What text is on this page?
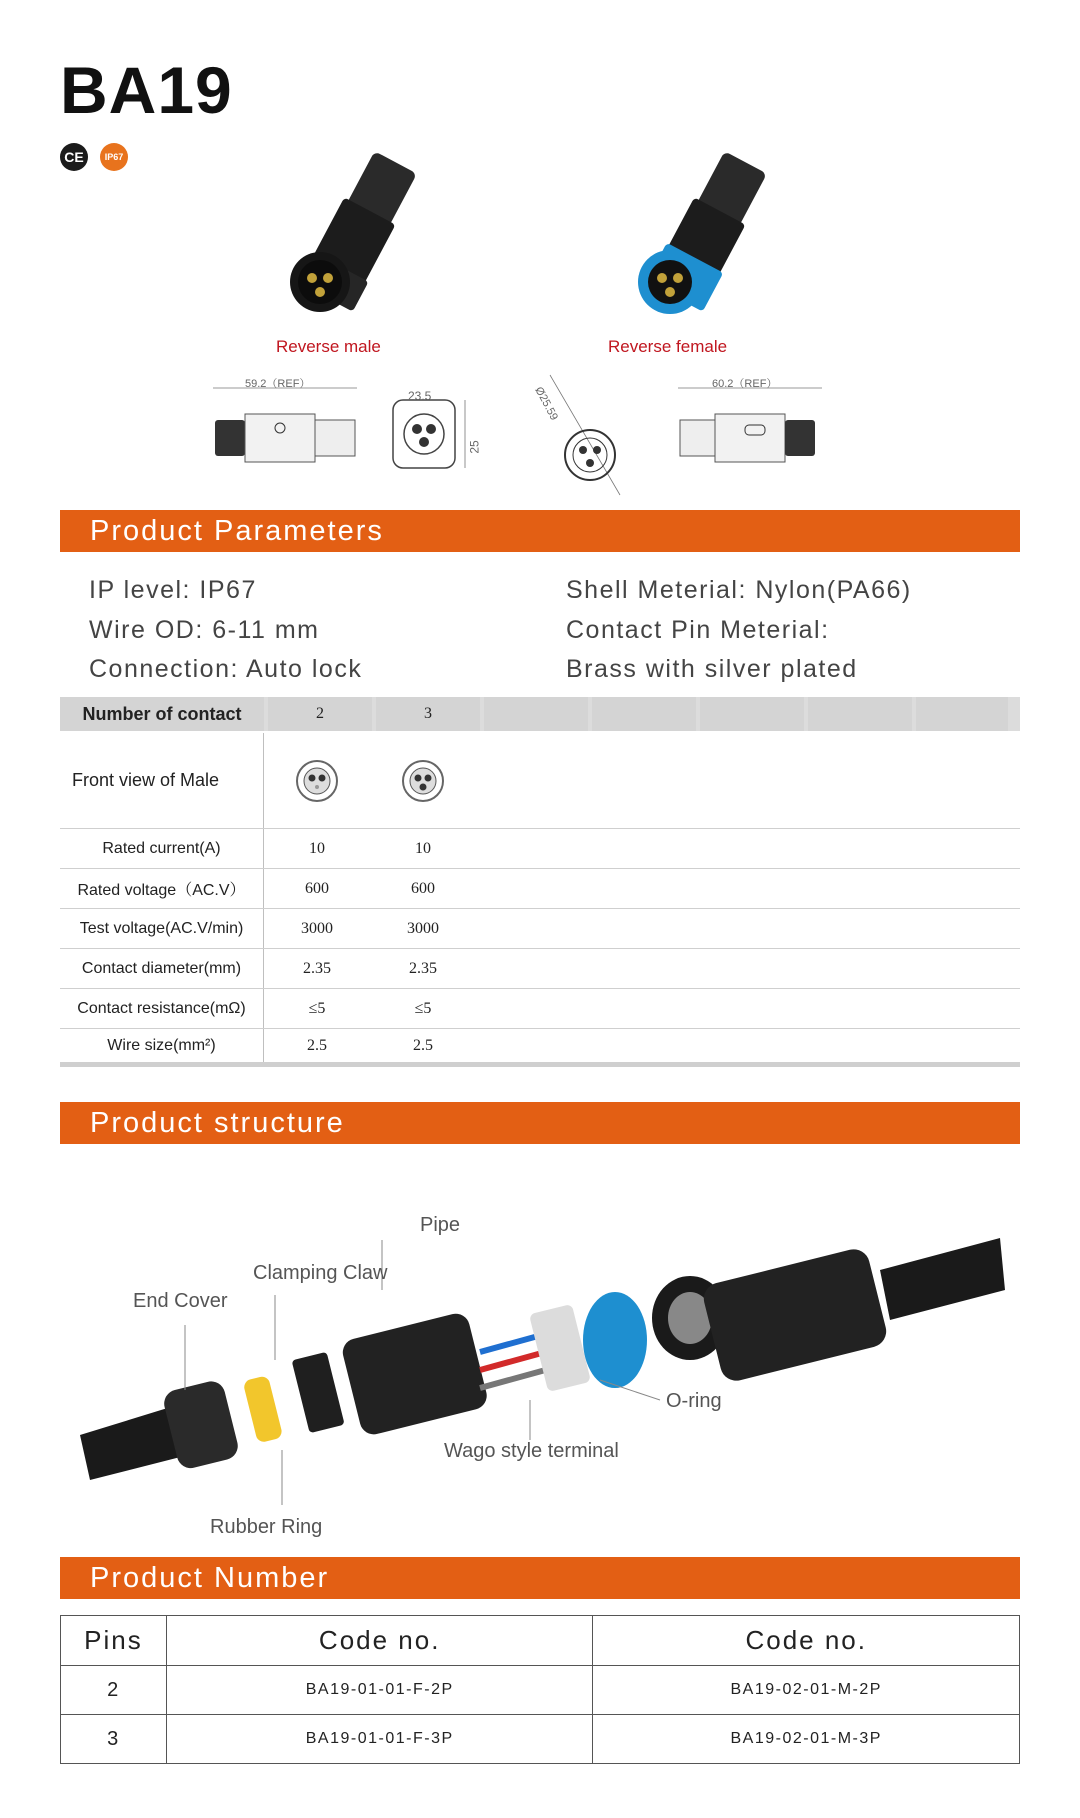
BA19
CE	IP67
Reverse male	Reverse female
59.2（REF）
23.5
25
Ø25.59
60.2（REF）
Product Parameters
IP level: IP67
Wire OD: 6-11 mm
Connection: Auto lock
Shell Meterial: Nylon(PA66)
Contact Pin Meterial:
Brass with silver plated
Number of contact	2	3
Front view of Male
Rated current(A)	10	10
Rated voltage（AC.V）	600	600
Test voltage(AC.V/min)	3000	3000
Contact diameter(mm)	2.35	2.35
Contact resistance(mΩ)	≤5	≤5
Wire size(mm²)	2.5	2.5
Product structure
Pipe
Clamping Claw
End Cover
O-ring
Wago style terminal
Rubber Ring
Product Number
Pins	Code no.	Code no.
2	BA19-01-01-F-2P	BA19-02-01-M-2P
3	BA19-01-01-F-3P	BA19-02-01-M-3P
